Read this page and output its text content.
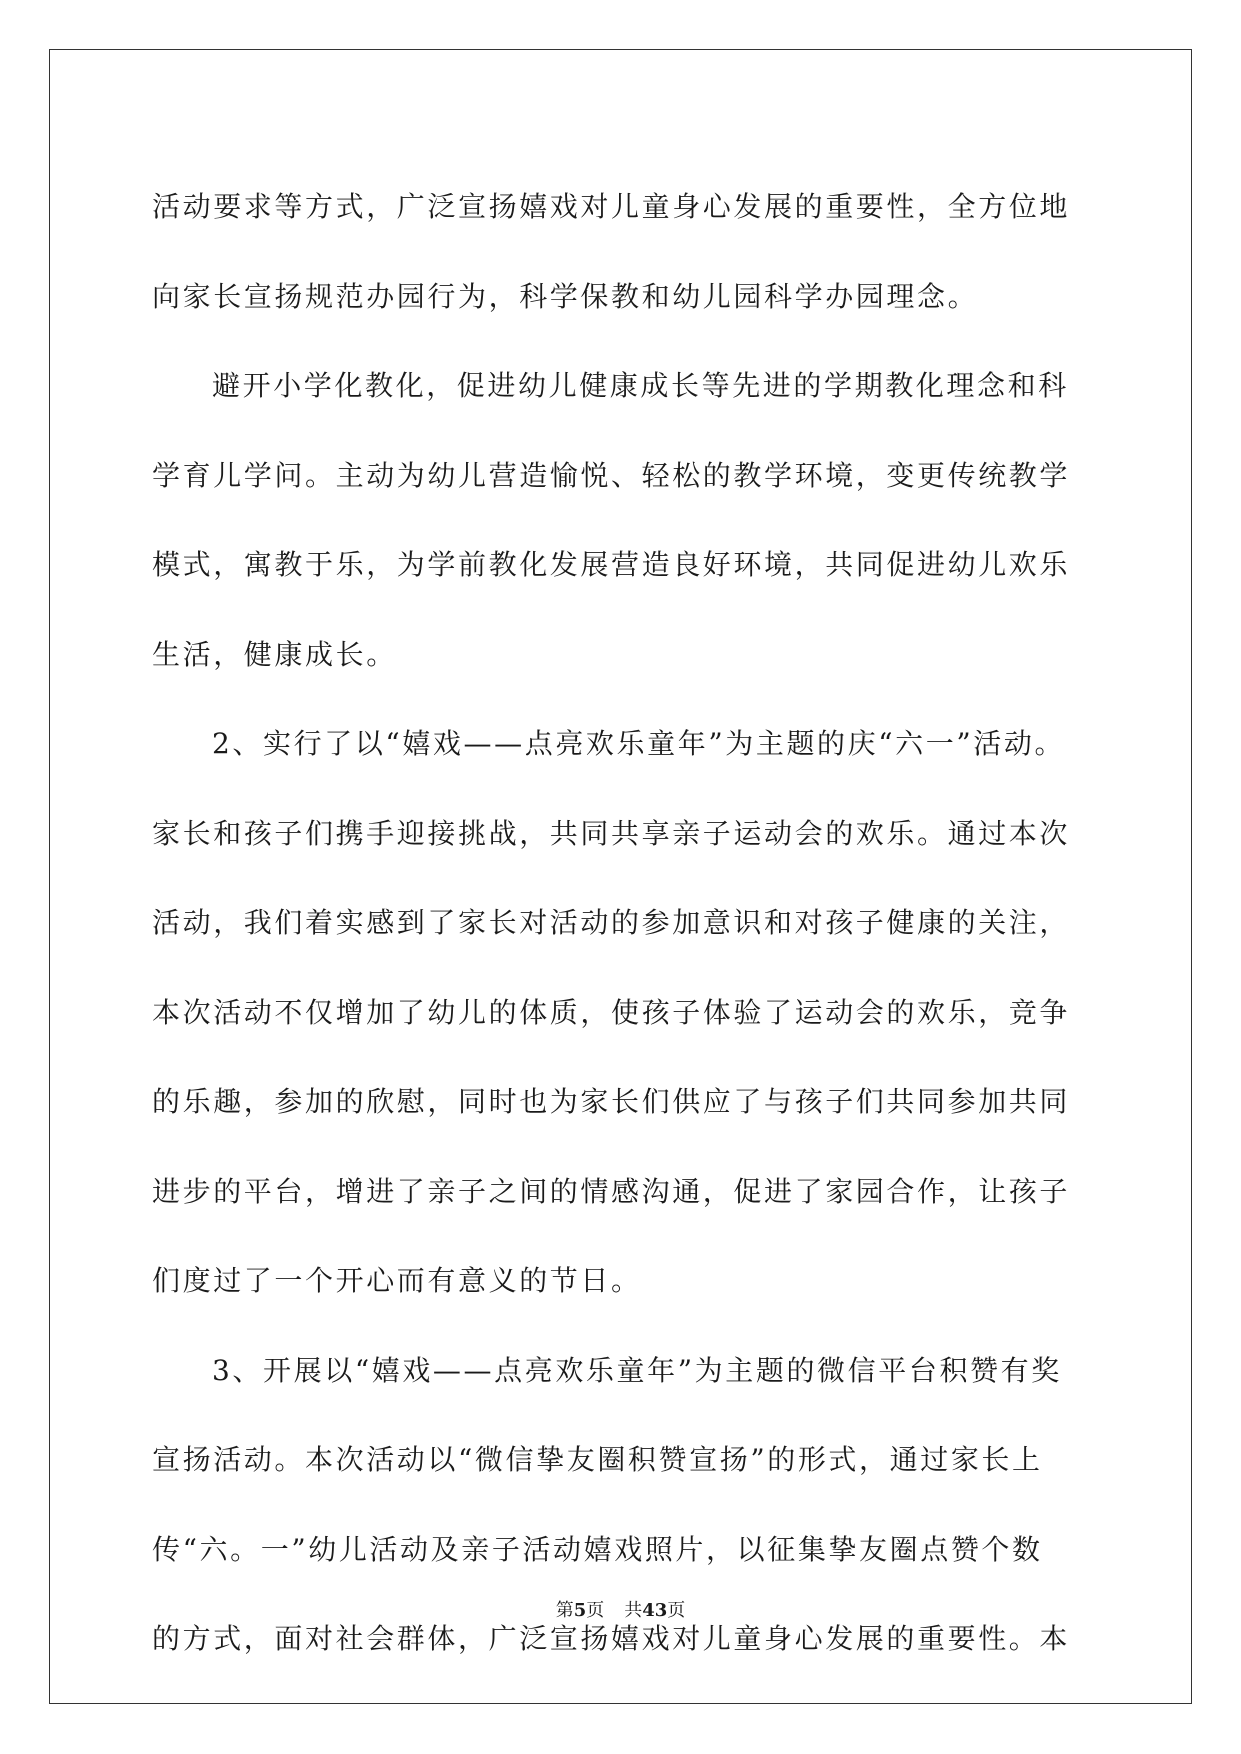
活动要求等方式，广泛宣扬嬉戏对儿童身心发展的重要性，全方位地
向家长宣扬规范办园行为，科学保教和幼儿园科学办园理念。

避开小学化教化，促进幼儿健康成长等先进的学期教化理念和科
学育儿学问。主动为幼儿营造愉悦、轻松的教学环境，变更传统教学
模式，寓教于乐，为学前教化发展营造良好环境，共同促进幼儿欢乐
生活，健康成长。

2、实行了以“嬉戏——点亮欢乐童年”为主题的庆“六一”活动。
家长和孩子们携手迎接挑战，共同共享亲子运动会的欢乐。通过本次
活动，我们着实感到了家长对活动的参加意识和对孩子健康的关注，
本次活动不仅增加了幼儿的体质，使孩子体验了运动会的欢乐，竞争
的乐趣，参加的欣慰，同时也为家长们供应了与孩子们共同参加共同
进步的平台，增进了亲子之间的情感沟通，促进了家园合作，让孩子
们度过了一个开心而有意义的节日。

3、开展以“嬉戏——点亮欢乐童年”为主题的微信平台积赞有奖
宣扬活动。本次活动以“微信挚友圈积赞宣扬”的形式，通过家长上
传“六。一”幼儿活动及亲子活动嬉戏照片，以征集挚友圈点赞个数
的方式，面对社会群体，广泛宣扬嬉戏对儿童身心发展的重要性。本

第5页 共43页
